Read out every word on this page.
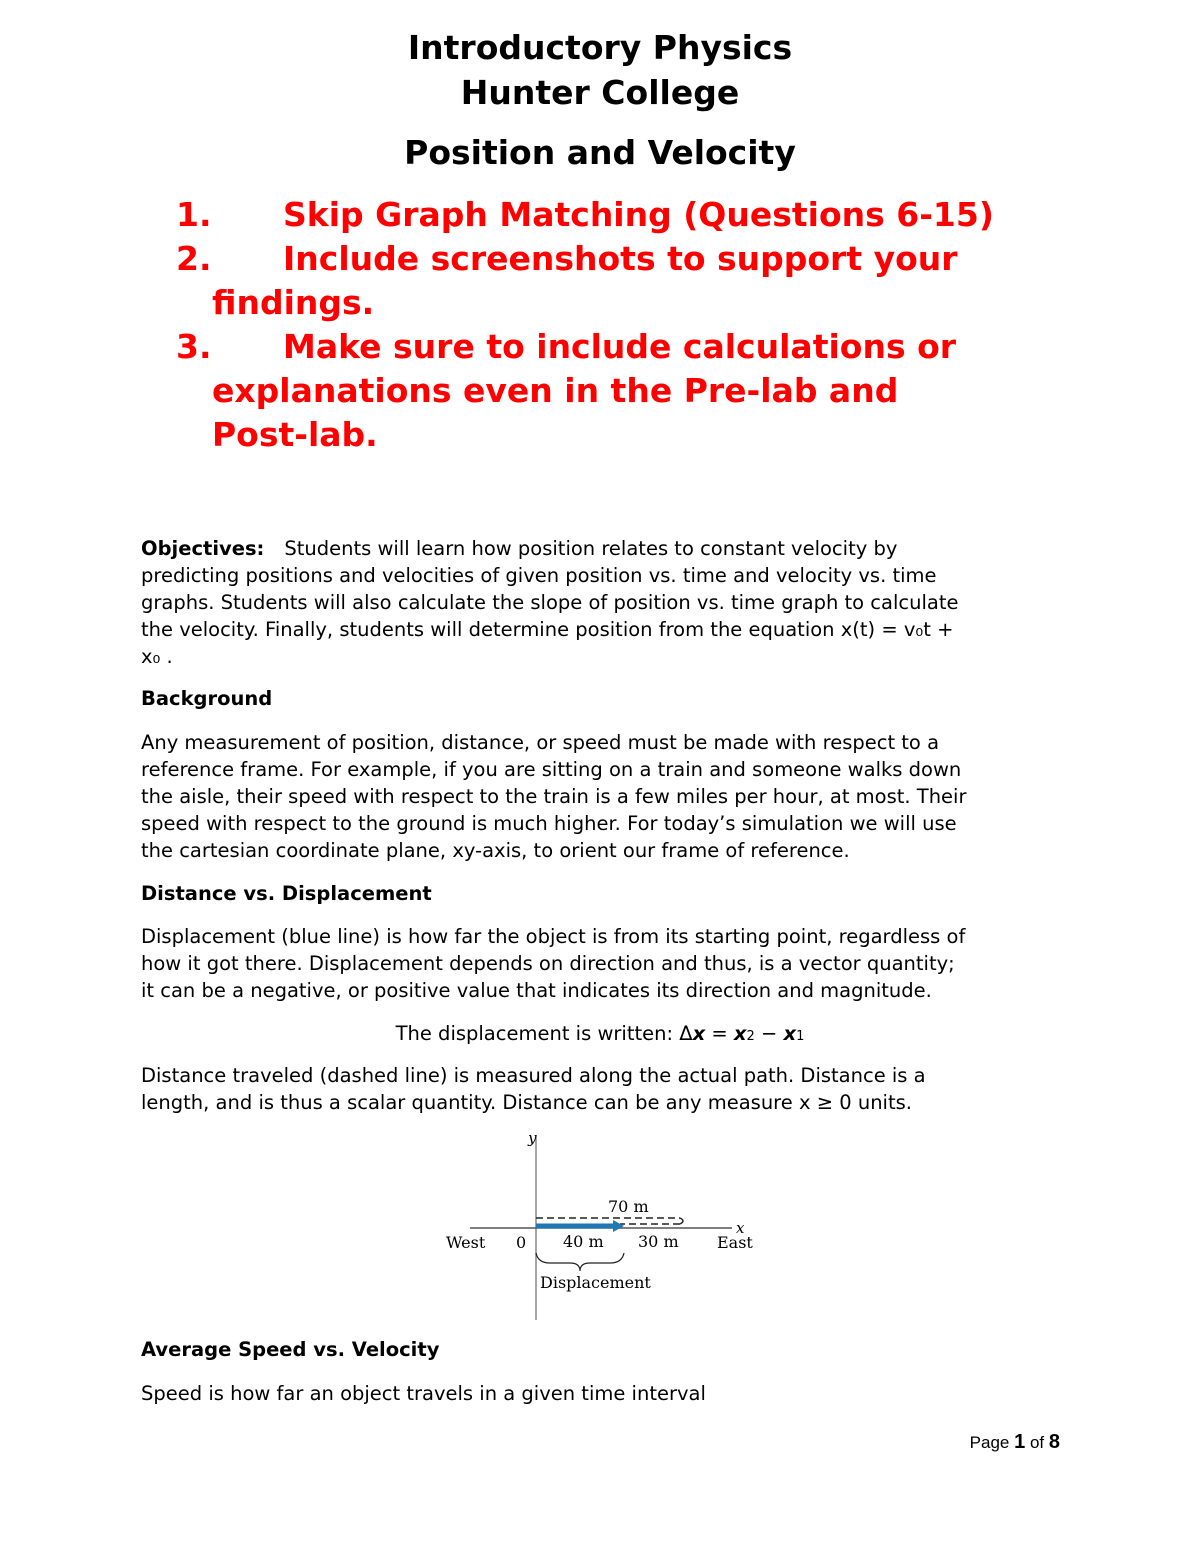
Introductory Physics

Hunter College

Position and Velocity

1.	Skip Graph Matching (Questions 6-15)
2.	Include screenshots to support your
findings.
3.	Make sure to include calculations or
explanations even in the Pre-lab and
Post-lab.

Objectives: Students will learn how position relates to constant velocity by

predicting positions and velocities of given position vs. time and velocity vs. time

graphs. Students will also calculate the slope of position vs. time graph to calculate

the velocity. Finally, students will determine position from the equation x(t) = v₀t +

x₀ .

Background

Any measurement of position, distance, or speed must be made with respect to a

reference frame. For example, if you are sitting on a train and someone walks down

the aisle, their speed with respect to the train is a few miles per hour, at most. Their

speed with respect to the ground is much higher. For today’s simulation we will use

the cartesian coordinate plane, xy-axis, to orient our frame of reference.

Distance vs. Displacement

Displacement (blue line) is how far the object is from its starting point, regardless of

how it got there. Displacement depends on direction and thus, is a vector quantity;

it can be a negative, or positive value that indicates its direction and magnitude.

The displacement is written: Δx = x2 − x1

Distance traveled (dashed line) is measured along the actual path. Distance is a

length, and is thus a scalar quantity. Distance can be any measure x ≥ 0 units.

y
x
70 m
West 0 40 m 30 m East
Displacement

Average Speed vs. Velocity

Speed is how far an object travels in a given time interval

Page 1 of 8
